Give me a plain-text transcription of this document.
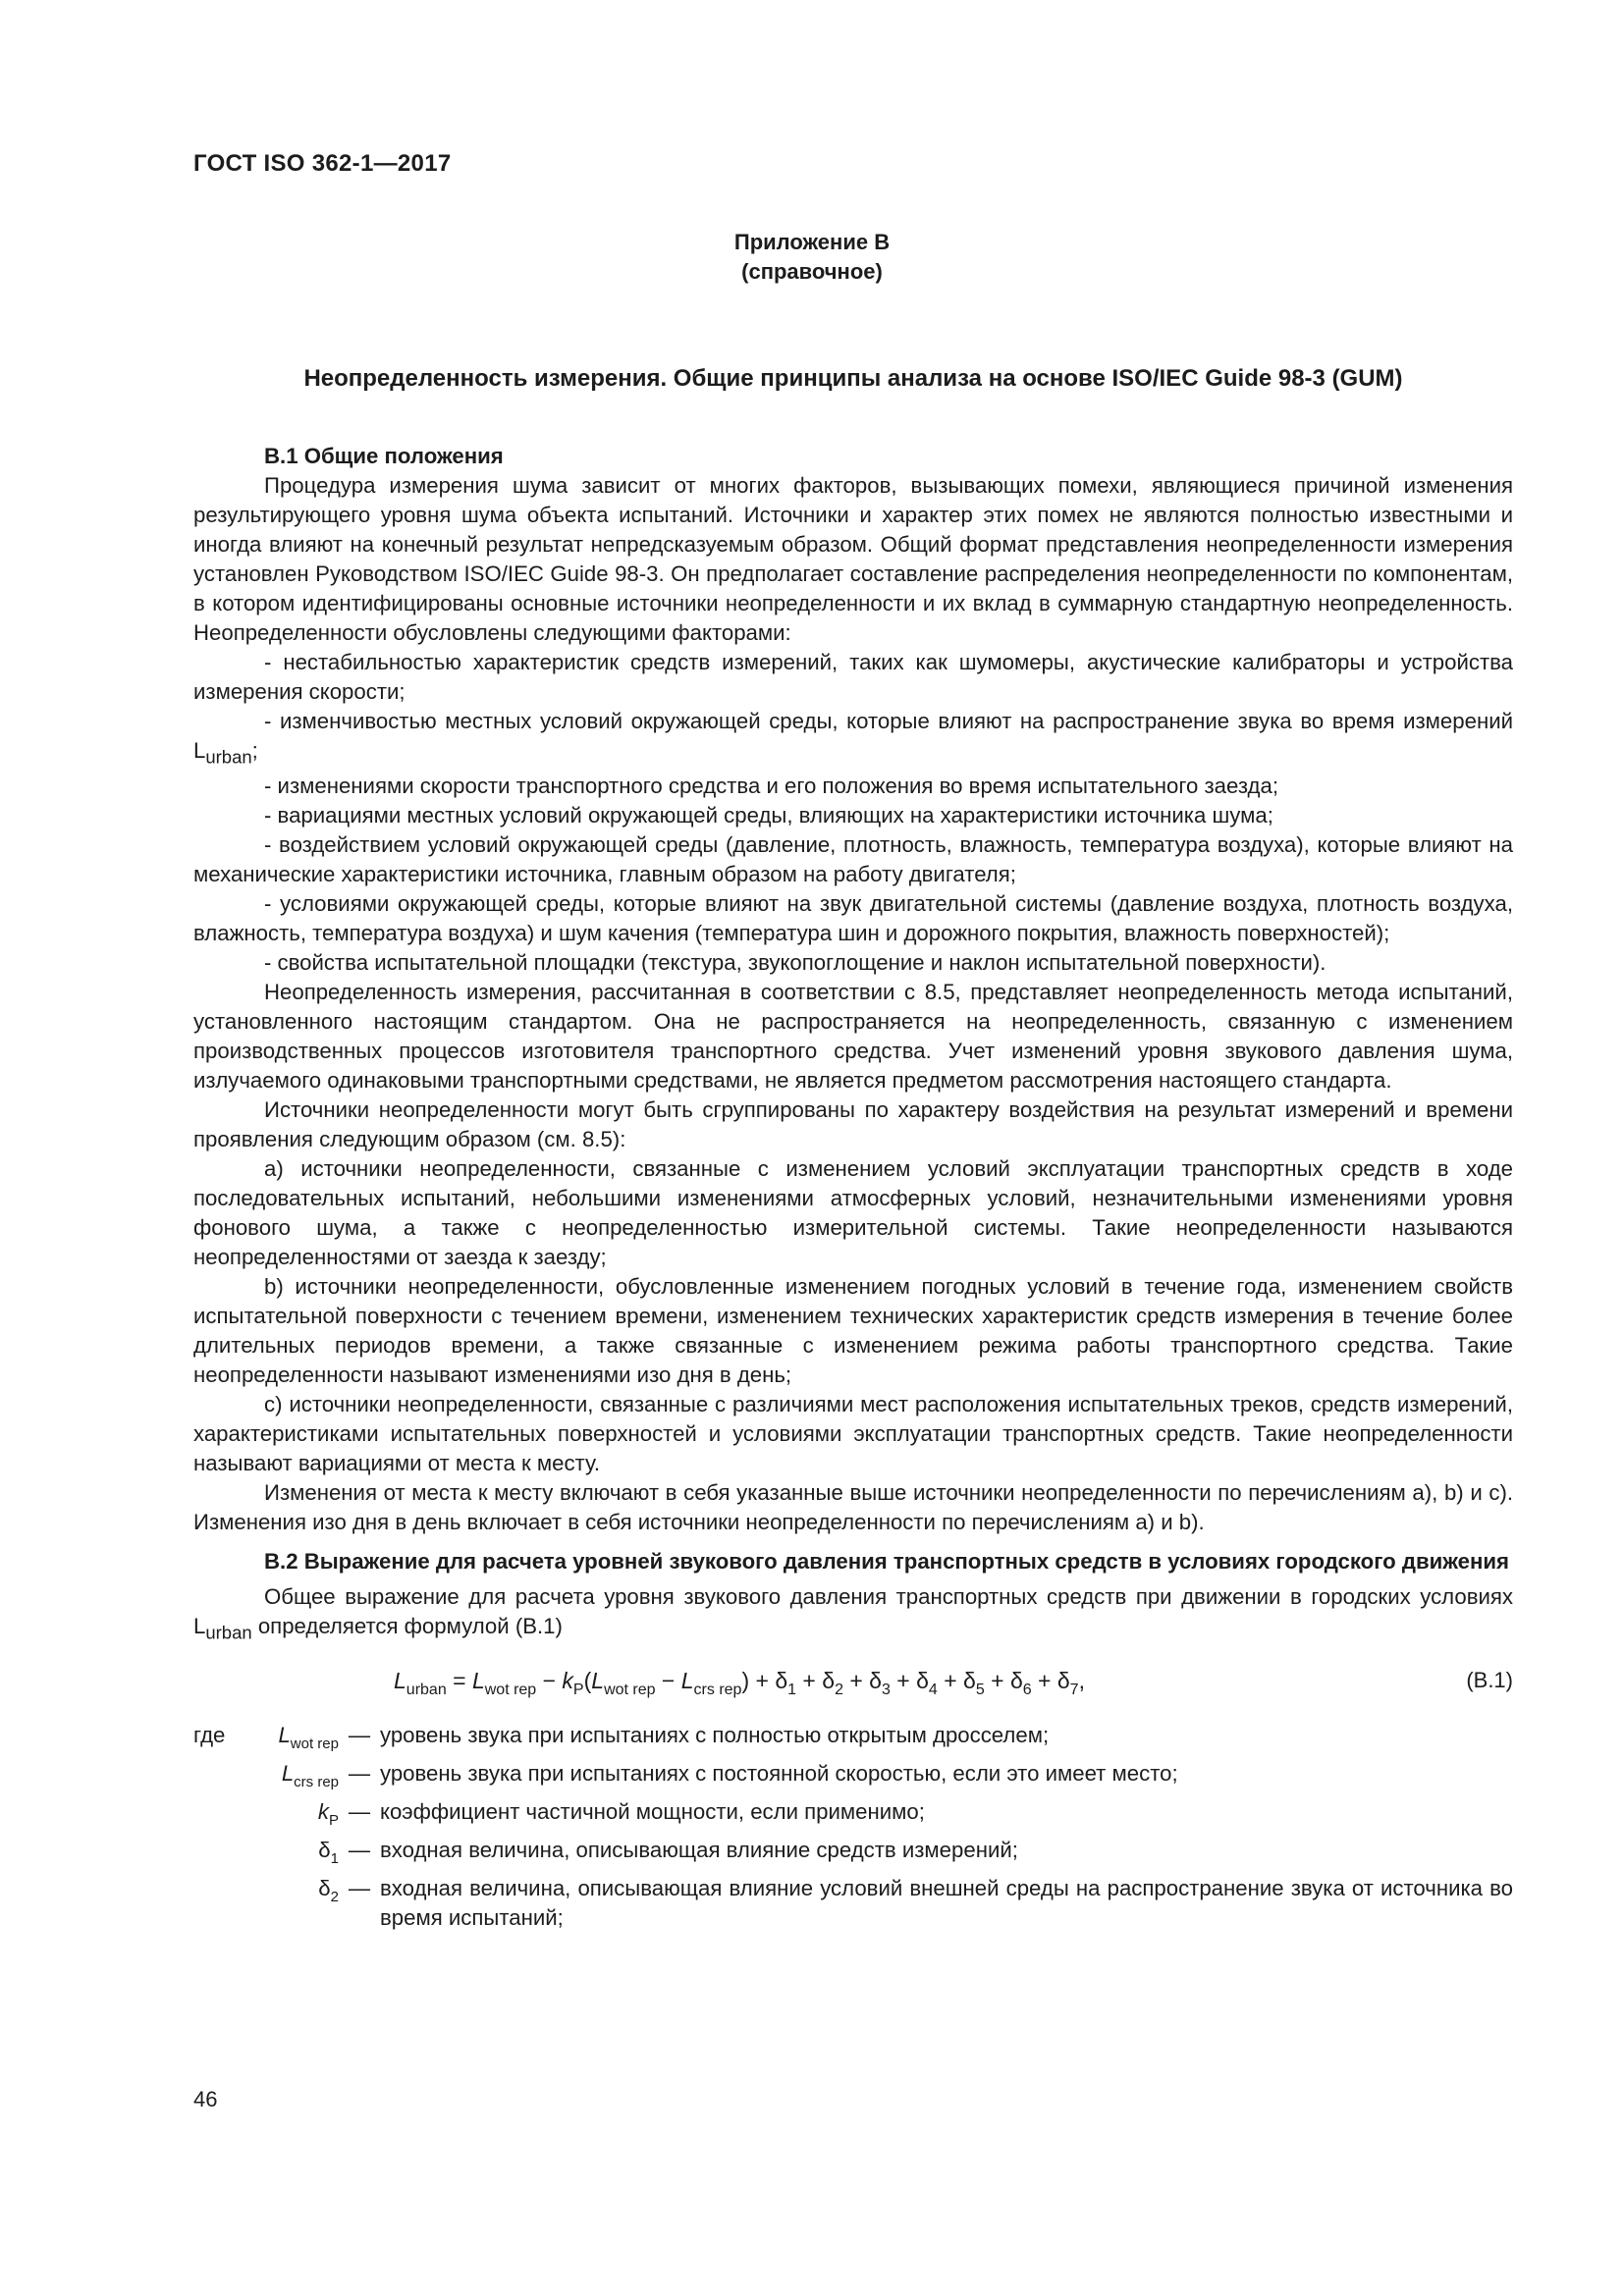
ГОСТ ISO 362-1—2017
Приложение В
(справочное)
Неопределенность измерения. Общие принципы анализа на основе ISO/IEC Guide 98-3 (GUM)
В.1 Общие положения

Процедура измерения шума зависит от многих факторов, вызывающих помехи, являющиеся причиной изменения результирующего уровня шума объекта испытаний. Источники и характер этих помех не являются полностью известными и иногда влияют на конечный результат непредсказуемым образом. Общий формат представления неопределенности измерения установлен Руководством ISO/IEC Guide 98-3. Он предполагает составление распределения неопределенности по компонентам, в котором идентифицированы основные источники неопределенности и их вклад в суммарную стандартную неопределенность. Неопределенности обусловлены следующими факторами:

- нестабильностью характеристик средств измерений, таких как шумомеры, акустические калибраторы и устройства измерения скорости;

- изменчивостью местных условий окружающей среды, которые влияют на распространение звука во время измерений $L_{urban}$;

- изменениями скорости транспортного средства и его положения во время испытательного заезда;

- вариациями местных условий окружающей среды, влияющих на характеристики источника шума;

- воздействием условий окружающей среды (давление, плотность, влажность, температура воздуха), которые влияют на механические характеристики источника, главным образом на работу двигателя;

- условиями окружающей среды, которые влияют на звук двигательной системы (давление воздуха, плотность воздуха, влажность, температура воздуха) и шум качения (температура шин и дорожного покрытия, влажность поверхностей);

- свойства испытательной площадки (текстура, звукопоглощение и наклон испытательной поверхности).

Неопределенность измерения, рассчитанная в соответствии с 8.5, представляет неопределенность метода испытаний, установленного настоящим стандартом. Она не распространяется на неопределенность, связанную с изменением производственных процессов изготовителя транспортного средства. Учет изменений уровня звукового давления шума, излучаемого одинаковыми транспортными средствами, не является предметом рассмотрения настоящего стандарта.

Источники неопределенности могут быть сгруппированы по характеру воздействия на результат измерений и времени проявления следующим образом (см. 8.5):

а) источники неопределенности, связанные с изменением условий эксплуатации транспортных средств в ходе последовательных испытаний, небольшими изменениями атмосферных условий, незначительными изменениями уровня фонового шума, а также с неопределенностью измерительной системы. Такие неопределенности называются неопределенностями от заезда к заезду;

b) источники неопределенности, обусловленные изменением погодных условий в течение года, изменением свойств испытательной поверхности с течением времени, изменением технических характеристик средств измерения в течение более длительных периодов времени, а также связанные с изменением режима работы транспортного средства. Такие неопределенности называют изменениями изо дня в день;

с) источники неопределенности, связанные с различиями мест расположения испытательных треков, средств измерений, характеристиками испытательных поверхностей и условиями эксплуатации транспортных средств. Такие неопределенности называют вариациями от места к месту.

Изменения от места к месту включают в себя указанные выше источники неопределенности по перечислениям а), b) и с). Изменения изо дня в день включает в себя источники неопределенности по перечислениям а) и b).

В.2 Выражение для расчета уровней звукового давления транспортных средств в условиях городского движения

Общее выражение для расчета уровня звукового давления транспортных средств при движении в городских условиях $L_{urban}$ определяется формулой (В.1)

$L_{urban} = L_{wot rep} - k_P(L_{wot rep} - L_{crs rep}) + \delta_1 + \delta_2 + \delta_3 + \delta_4 + \delta_5 + \delta_6 + \delta_7$,	(В.1)
где	$L_{wot rep}$ — уровень звука при испытаниях с полностью открытым дросселем;
$L_{crs rep}$ — уровень звука при испытаниях с постоянной скоростью, если это имеет место;
$k_P$ — коэффициент частичной мощности, если применимо;
$\delta_1$ — входная величина, описывающая влияние средств измерений;
$\delta_2$ — входная величина, описывающая влияние условий внешней среды на распространение звука от источника во время испытаний;
46
